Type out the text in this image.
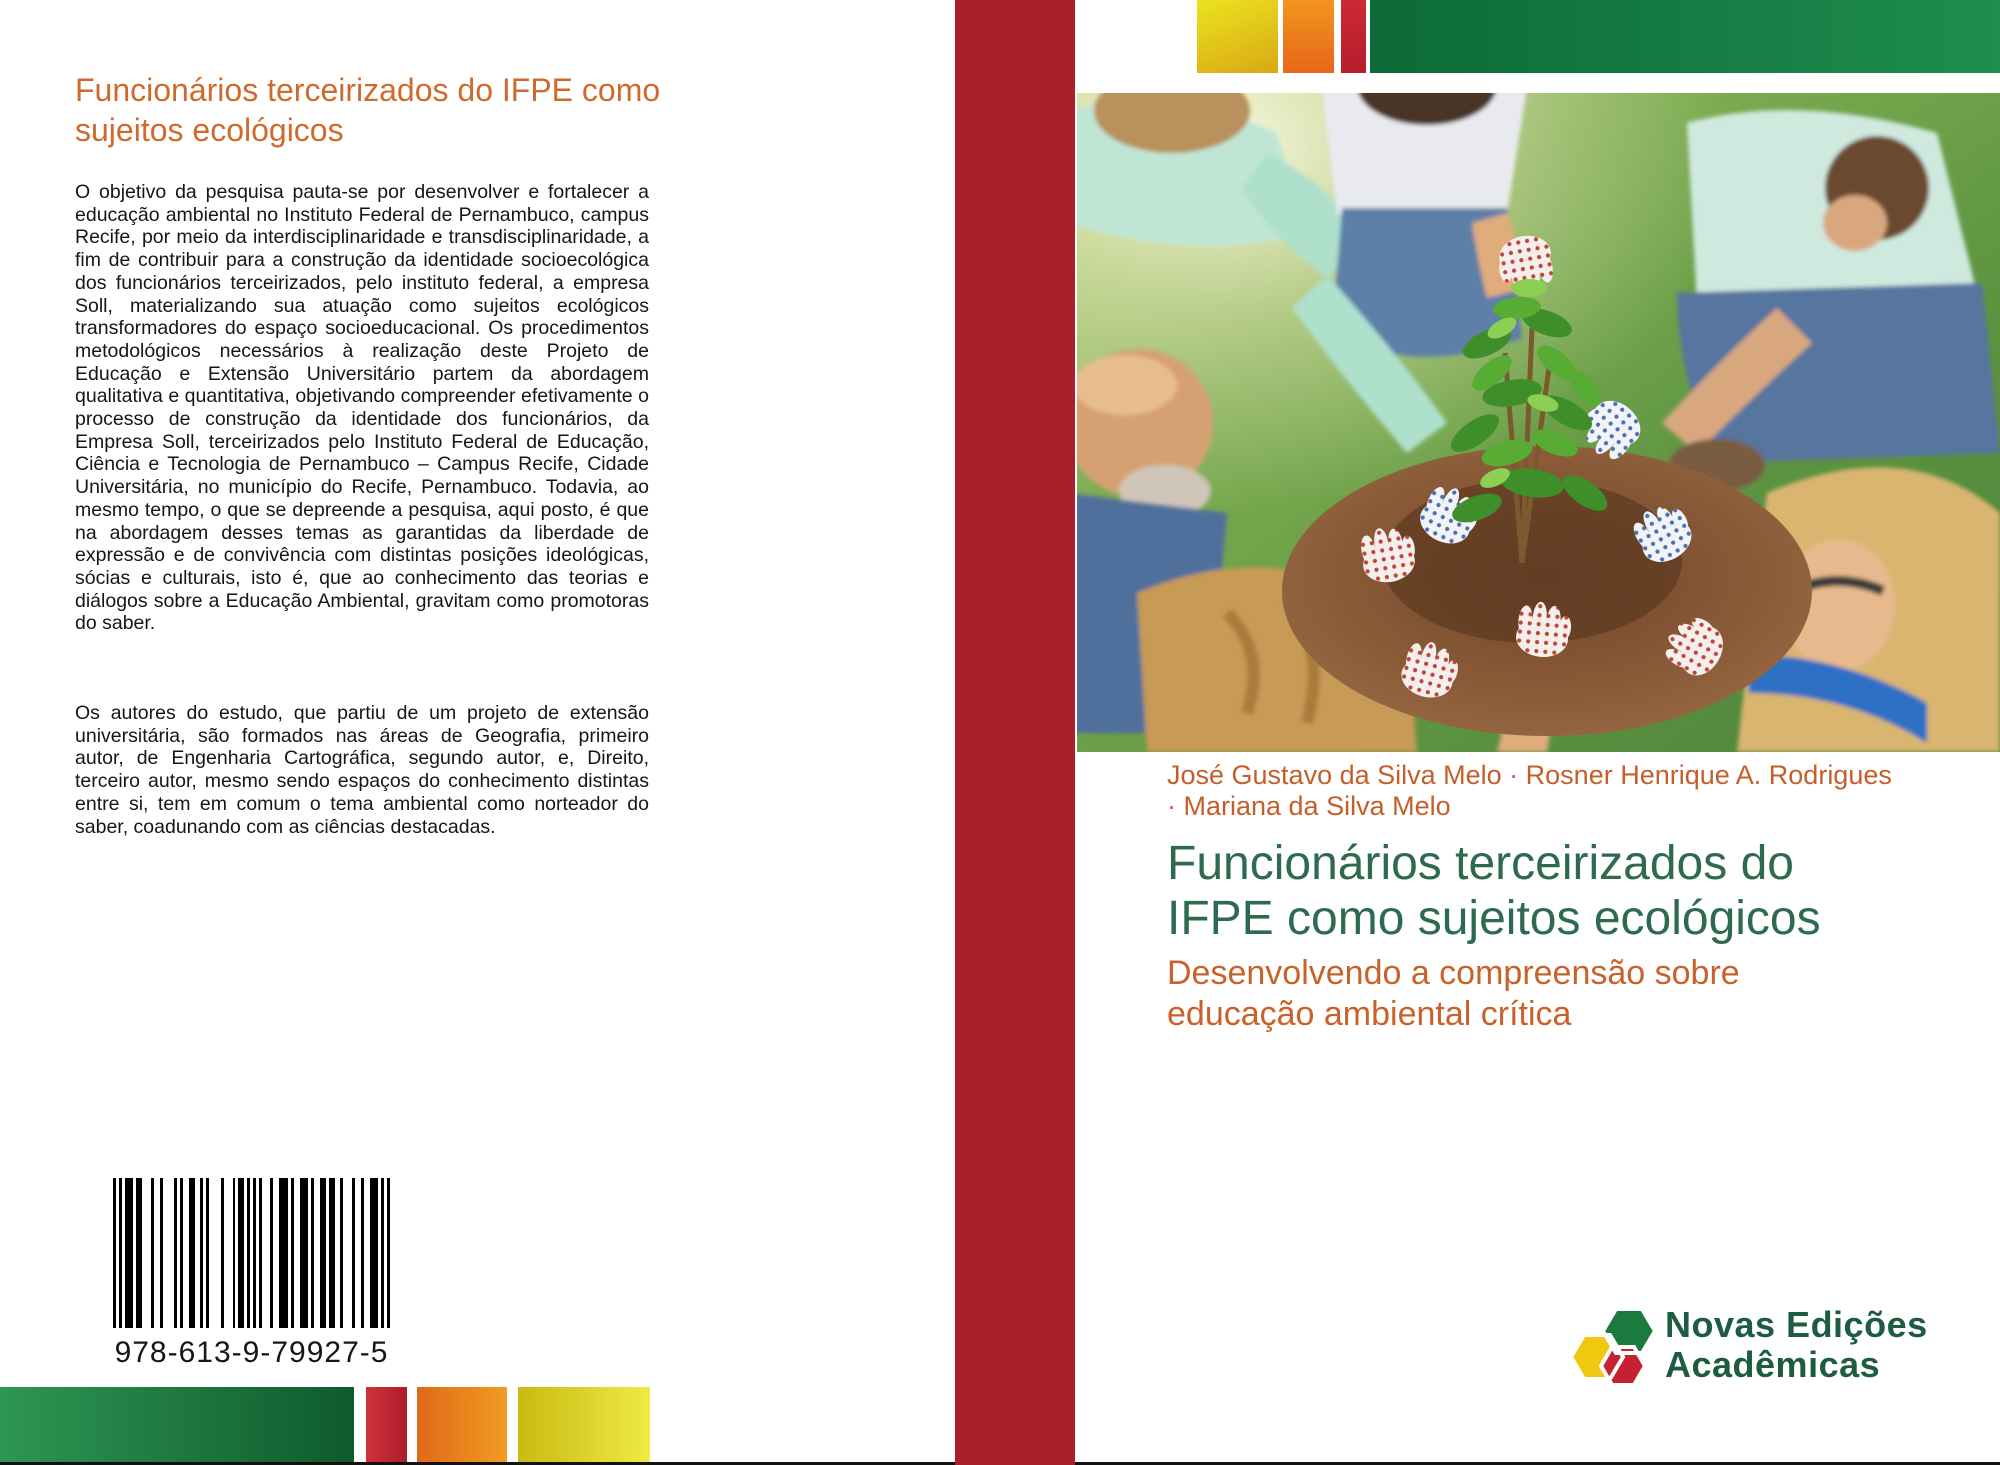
Funcionários terceirizados do IFPE como
sujeitos ecológicos
O objetivo da pesquisa pauta-se por desenvolver e fortalecer a educação ambiental no Instituto Federal de Pernambuco, campus Recife, por meio da interdisciplinaridade e transdisciplinaridade, a fim de contribuir para a construção da identidade socioecológica dos funcionários terceirizados, pelo instituto federal, a empresa Soll, materializando sua atuação como sujeitos ecológicos transformadores do espaço socioeducacional. Os procedimentos metodológicos necessários à realização deste Projeto de Educação e Extensão Universitário partem da abordagem qualitativa e quantitativa, objetivando compreender efetivamente o processo de construção da identidade dos funcionários, da Empresa Soll, terceirizados pelo Instituto Federal de Educação, Ciência e Tecnologia de Pernambuco – Campus Recife, Cidade Universitária, no município do Recife, Pernambuco. Todavia, ao mesmo tempo, o que se depreende a pesquisa, aqui posto, é que na abordagem desses temas as garantidas da liberdade de expressão e de convivência com distintas posições ideológicas, sócias e culturais, isto é, que ao conhecimento das teorias e diálogos sobre a Educação Ambiental, gravitam como promotoras do saber.
Os autores do estudo, que partiu de um projeto de extensão universitária, são formados nas áreas de Geografia, primeiro autor, de Engenharia Cartográfica, segundo autor, e, Direito, terceiro autor, mesmo sendo espaços do conhecimento distintas entre si, tem em comum o tema ambiental como norteador do saber, coadunando com as ciências destacadas.
978-613-9-79927-5
José Gustavo da Silva Melo · Rosner Henrique A. Rodrigues
· Mariana da Silva Melo
Funcionários terceirizados do
IFPE como sujeitos ecológicos
Desenvolvendo a compreensão sobre
educação ambiental crítica
Novas Edições
Acadêmicas
